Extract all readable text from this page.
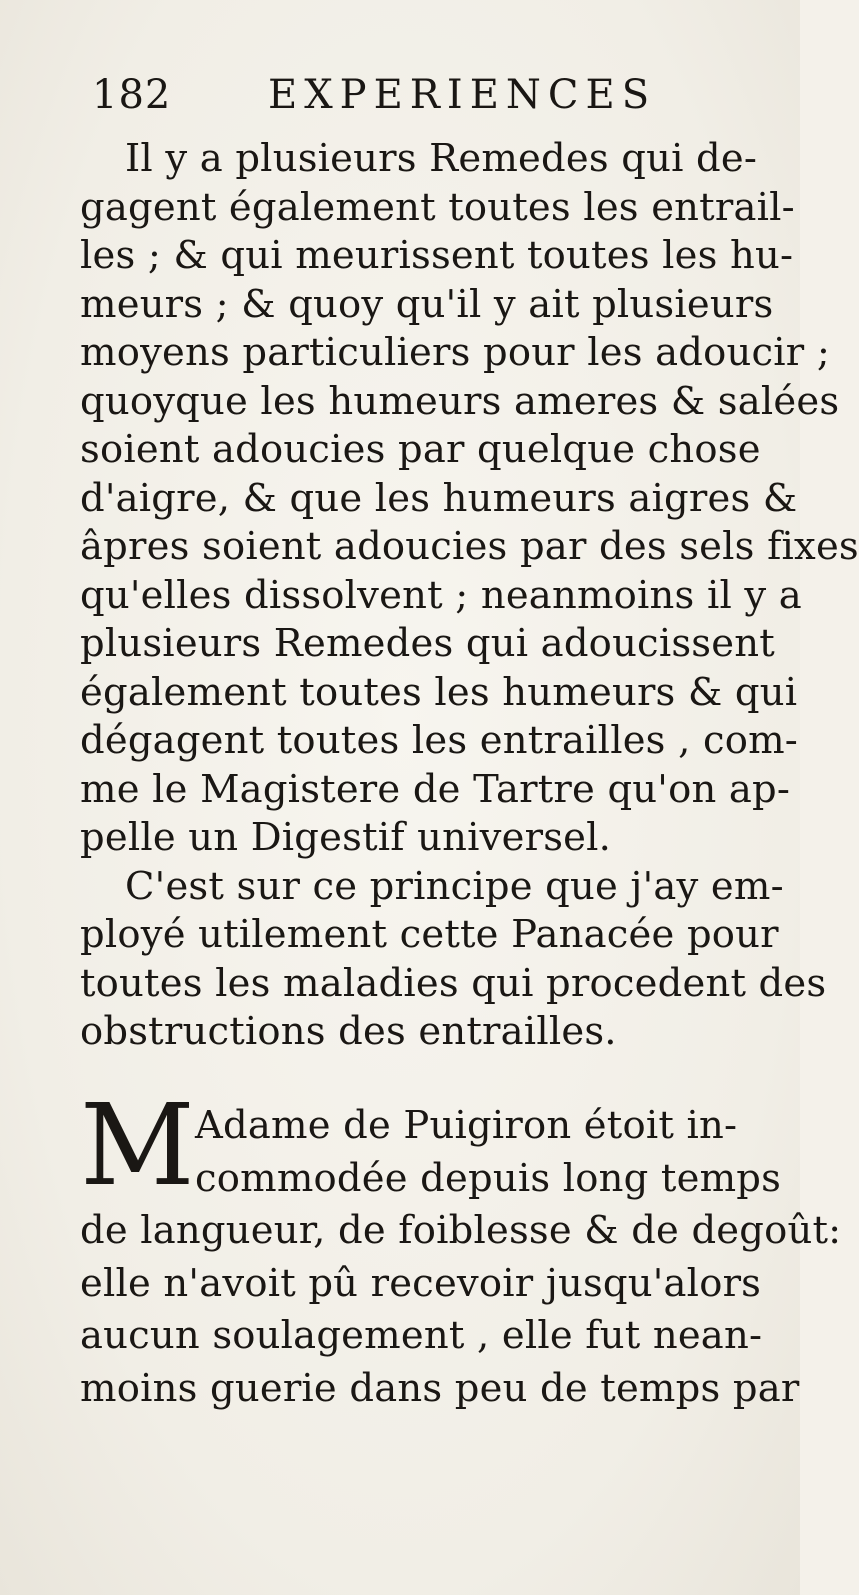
182 EXPERIENCES
Il y a plusieurs Remedes qui de-
gagent également toutes les entrail-
les ; & qui meurissent toutes les hu-
meurs ; & quoy qu'il y ait plusieurs
moyens particuliers pour les adoucir ;
quoyque les humeurs ameres & salées
soient adoucies par quelque chose
d'aigre, & que les humeurs aigres &
âpres soient adoucies par des sels fixes
qu'elles dissolvent ; neanmoins il y a
plusieurs Remedes qui adoucissent
également toutes les humeurs & qui
dégagent toutes les entrailles , com-
me le Magistere de Tartre qu'on ap-
pelle un Digestif universel.
C'est sur ce principe que j'ay em-
ployé utilement cette Panacée pour
toutes les maladies qui procedent des
obstructions des entrailles.
M Adame de Puigiron étoit in-
commodée depuis long temps
de langueur, de foiblesse & de degoût:
elle n'avoit pû recevoir jusqu'alors
aucun soulagement , elle fut nean-
moins guerie dans peu de temps par
